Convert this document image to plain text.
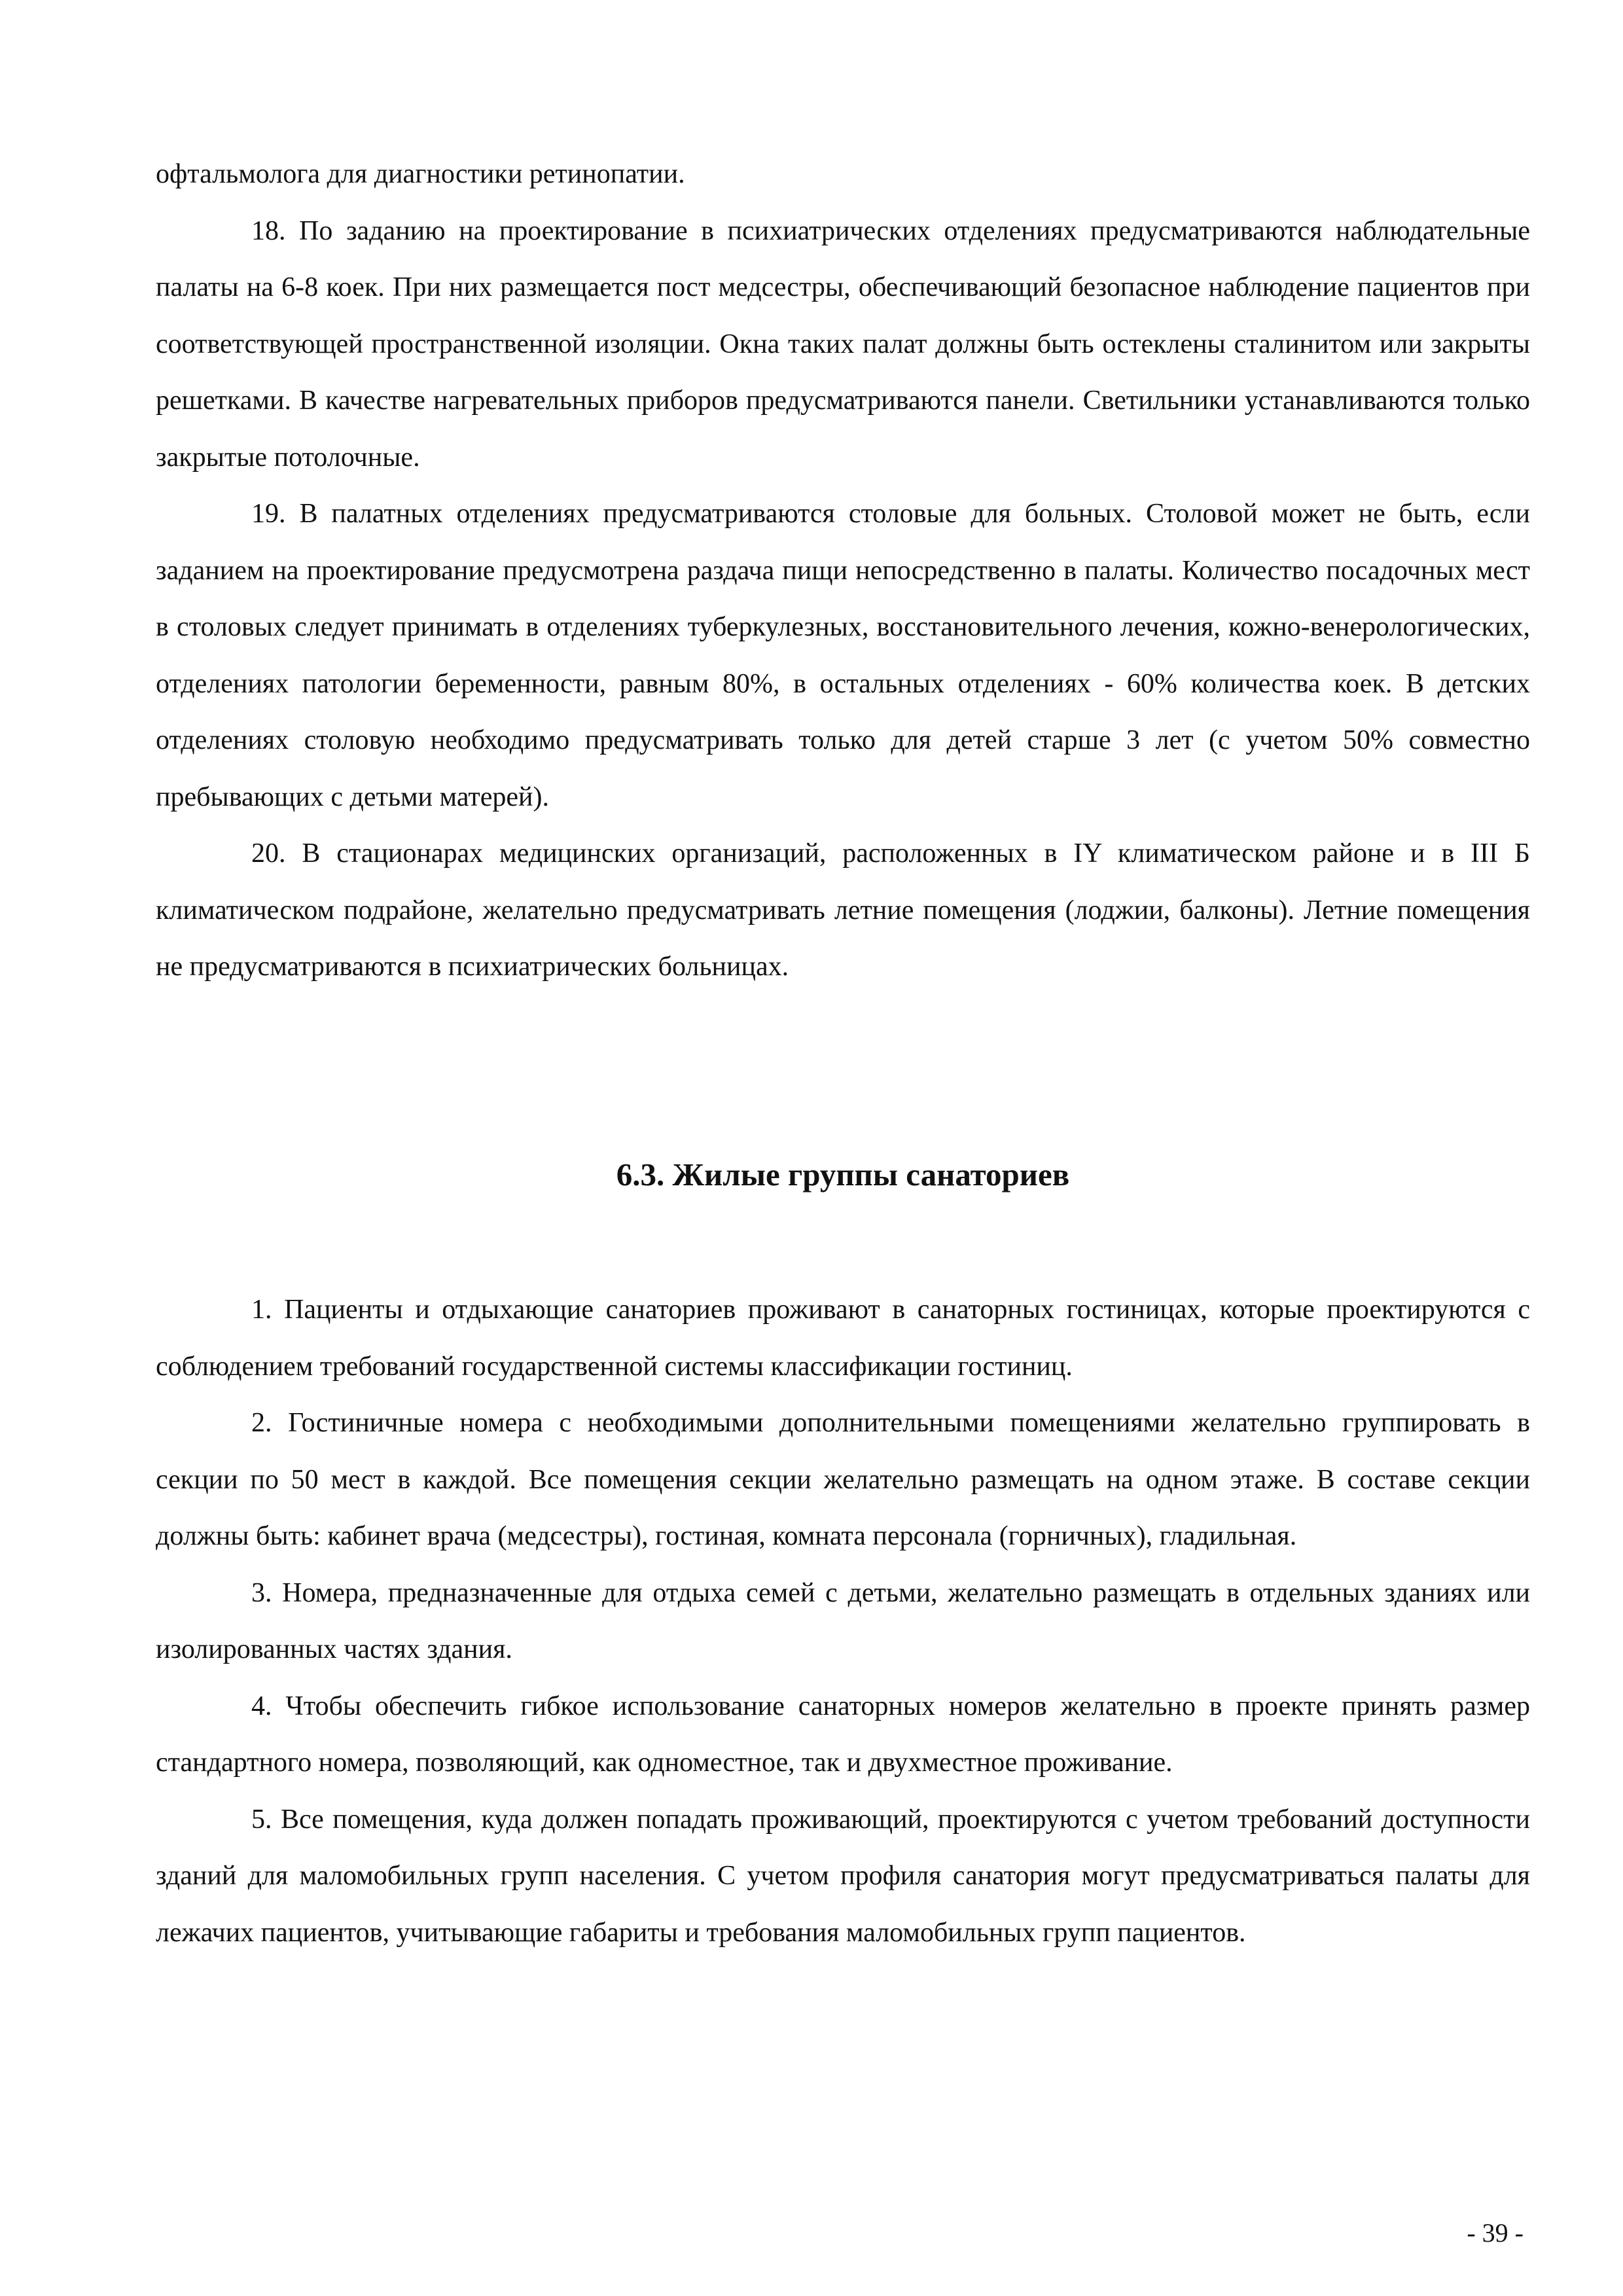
офтальмолога для диагностики ретинопатии.

18. По заданию на проектирование в психиатрических отделениях предусматриваются наблюдательные палаты на 6-8 коек. При них размещается пост медсестры, обеспечивающий безопасное наблюдение пациентов при соответствующей пространственной изоляции. Окна таких палат должны быть остеклены сталинитом или закрыты решетками. В качестве нагревательных приборов предусматриваются панели. Светильники устанавливаются только закрытые потолочные.

19. В палатных отделениях предусматриваются столовые для больных. Столовой может не быть, если заданием на проектирование предусмотрена раздача пищи непосредственно в палаты. Количество посадочных мест в столовых следует принимать в отделениях туберкулезных, восстановительного лечения, кожно-венерологических, отделениях патологии беременности, равным 80%, в остальных отделениях - 60% количества коек. В детских отделениях столовую необходимо предусматривать только для детей старше 3 лет (с учетом 50% совместно пребывающих с детьми матерей).

20. В стационарах медицинских организаций, расположенных в IY климатическом районе и в III Б климатическом подрайоне, желательно предусматривать летние помещения (лоджии, балконы). Летние помещения не предусматриваются в психиатрических больницах.

6.3. Жилые группы санаториев

1. Пациенты и отдыхающие санаториев проживают в санаторных гостиницах, которые проектируются с соблюдением требований государственной системы классификации гостиниц.

2. Гостиничные номера с необходимыми дополнительными помещениями желательно группировать в секции по 50 мест в каждой. Все помещения секции желательно размещать на одном этаже. В составе секции должны быть: кабинет врача (медсестры), гостиная, комната персонала (горничных), гладильная.

3. Номера, предназначенные для отдыха семей с детьми, желательно размещать в отдельных зданиях или изолированных частях здания.

4. Чтобы обеспечить гибкое использование санаторных номеров желательно в проекте принять размер стандартного номера, позволяющий, как одноместное, так и двухместное проживание.

5. Все помещения, куда должен попадать проживающий, проектируются с учетом требований доступности зданий для маломобильных групп населения. С учетом профиля санатория могут предусматриваться палаты для лежачих пациентов, учитывающие габариты и требования маломобильных групп пациентов.

- 39 -
